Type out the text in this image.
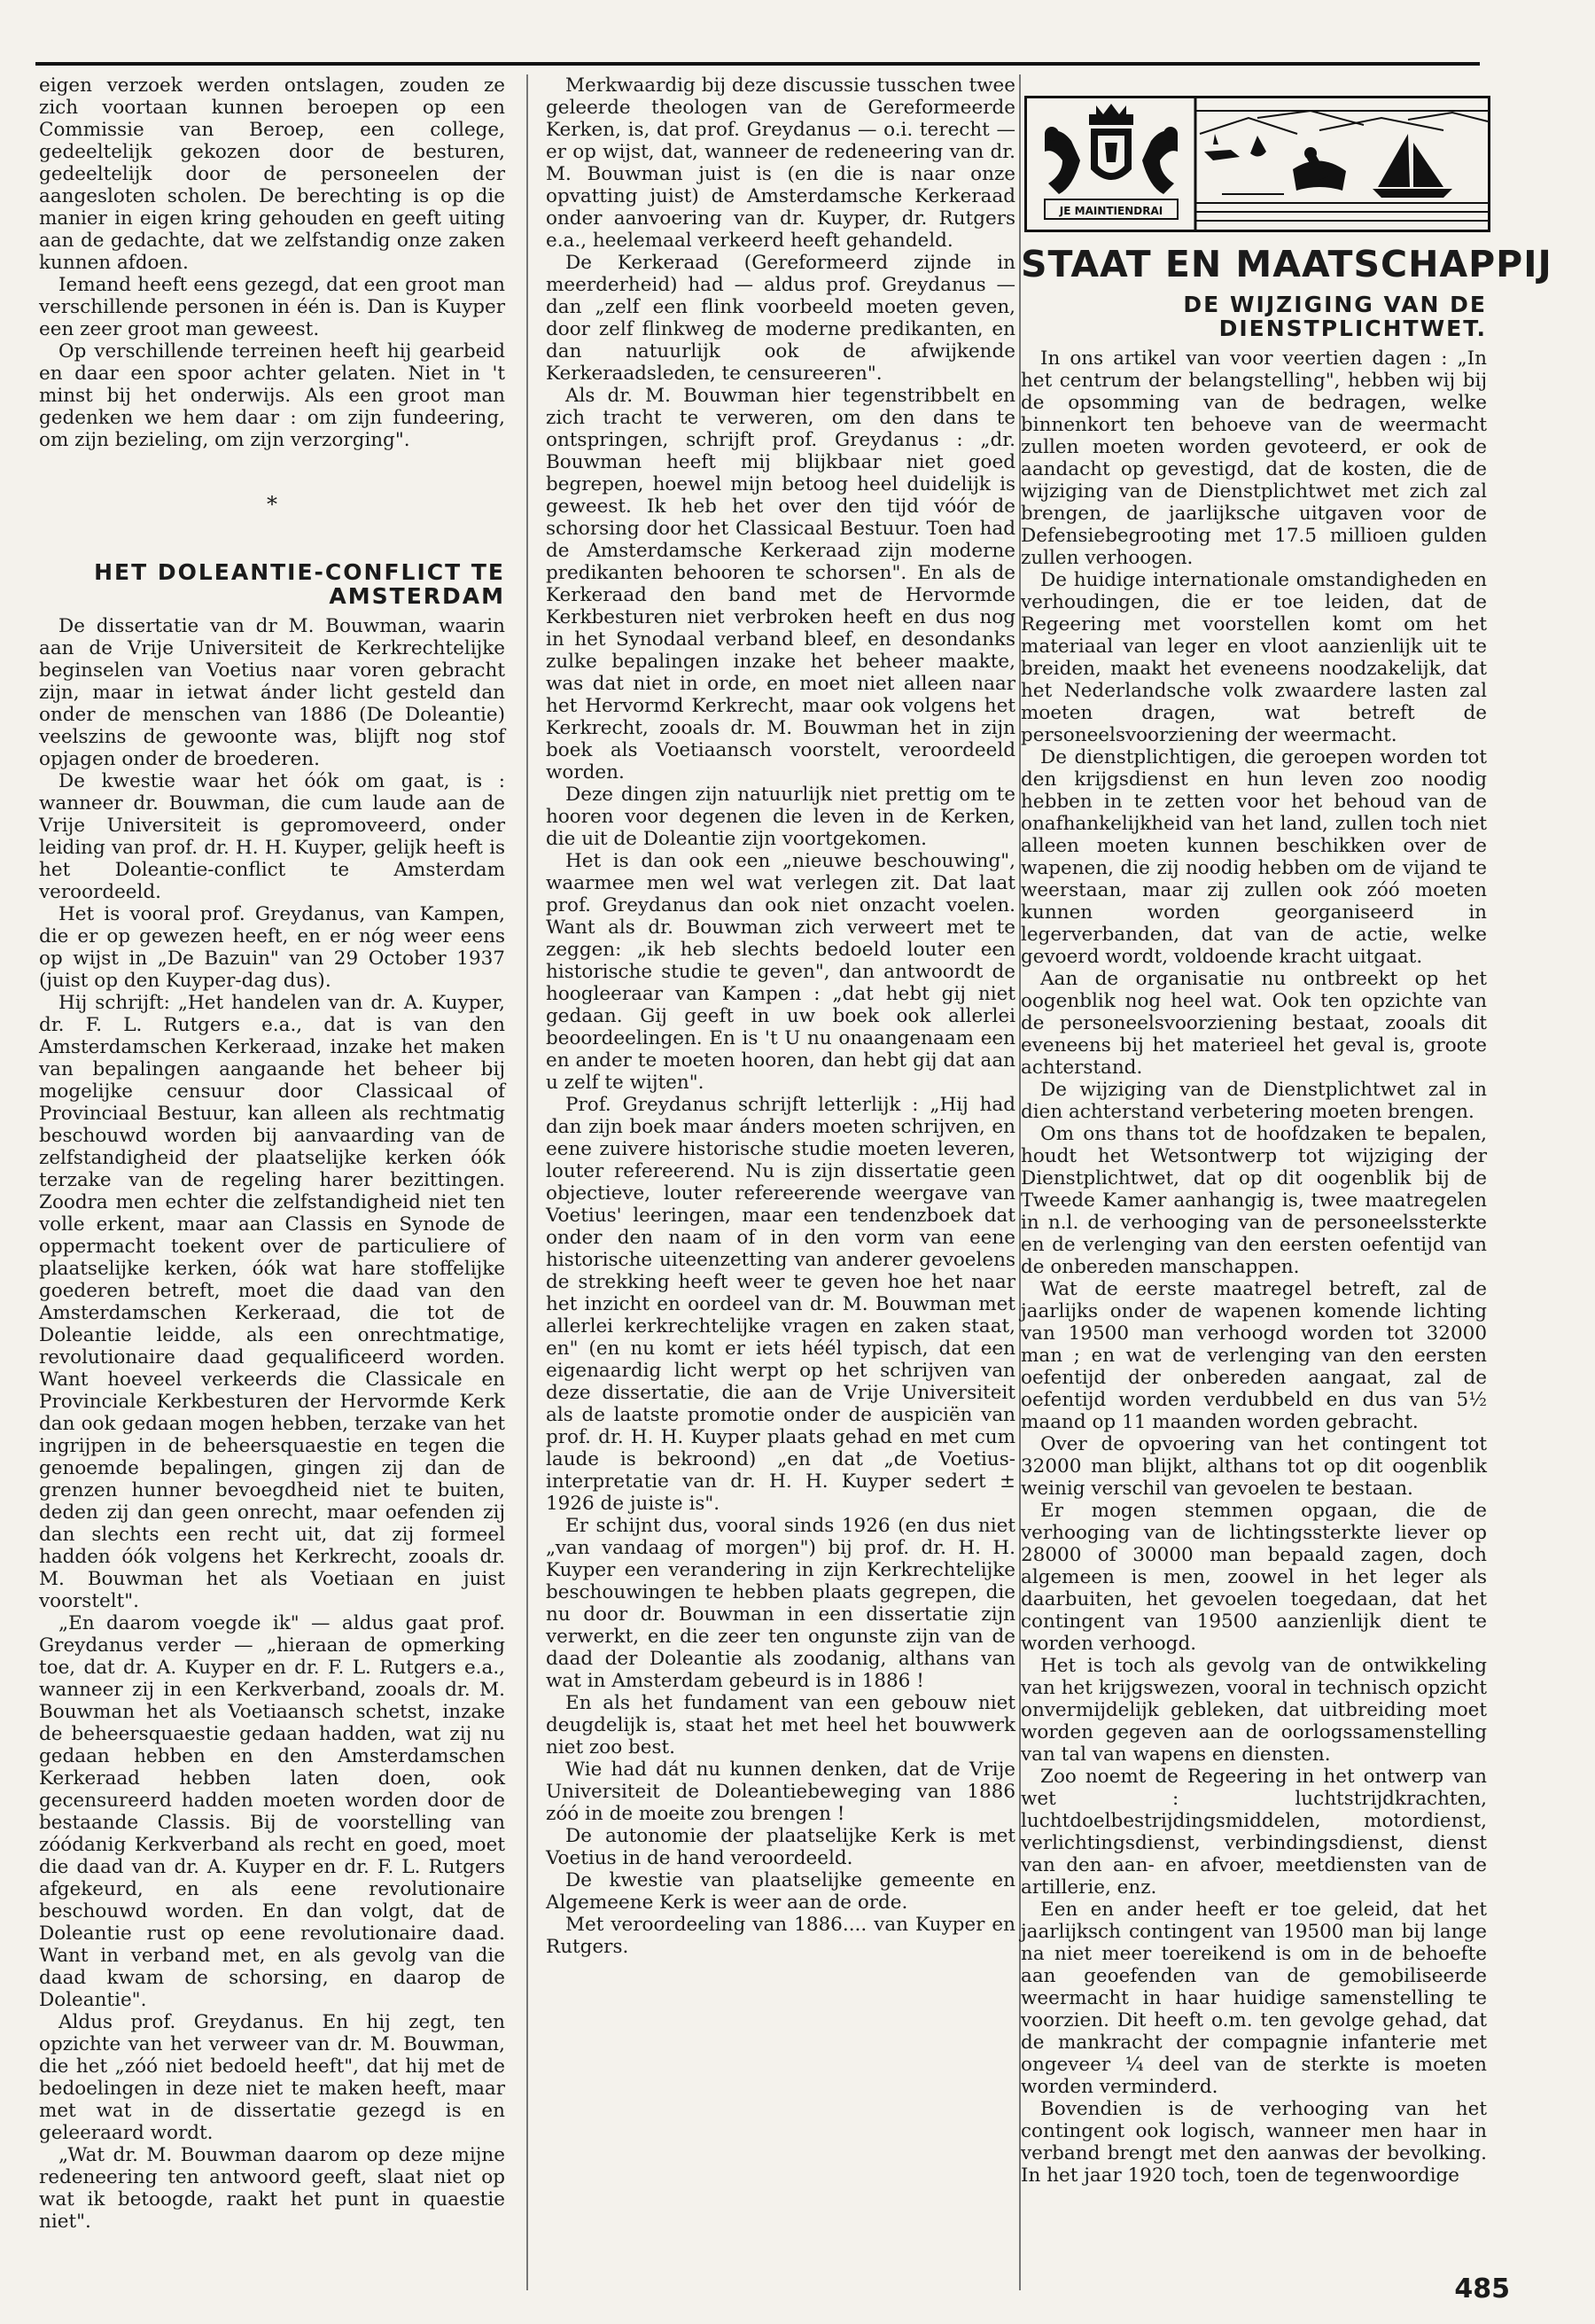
eigen verzoek werden ontslagen, zouden ze zich voortaan kunnen beroepen op een Commissie van Beroep, een college, gedeeltelijk gekozen door de besturen, gedeeltelijk door de personeelen der aangesloten scholen. De berechting is op die manier in eigen kring gehouden en geeft uiting aan de gedachte, dat we zelfstandig onze zaken kunnen afdoen.

Iemand heeft eens gezegd, dat een groot man verschillende personen in één is. Dan is Kuyper een zeer groot man geweest.

Op verschillende terreinen heeft hij gearbeid en daar een spoor achter gelaten. Niet in 't minst bij het onderwijs. Als een groot man gedenken we hem daar : om zijn fundeering, om zijn bezieling, om zijn verzorging".

*
HET DOLEANTIE-CONFLICT TE AMSTERDAM

De dissertatie van dr M. Bouwman, waarin aan de Vrije Universiteit de Kerkrechtelijke beginselen van Voetius naar voren gebracht zijn, maar in ietwat ánder licht gesteld dan onder de menschen van 1886 (De Doleantie) veelszins de gewoonte was, blijft nog stof opjagen onder de broederen.

De kwestie waar het óók om gaat, is : wanneer dr. Bouwman, die cum laude aan de Vrije Universiteit is gepromoveerd, onder leiding van prof. dr. H. H. Kuyper, gelijk heeft is het Doleantie-conflict te Amsterdam veroordeeld.

Het is vooral prof. Greydanus, van Kampen, die er op gewezen heeft, en er nóg weer eens op wijst in „De Bazuin" van 29 October 1937 (juist op den Kuyper-dag dus).

Hij schrijft: „Het handelen van dr. A. Kuyper, dr. F. L. Rutgers e.a., dat is van den Amsterdamschen Kerkeraad, inzake het maken van bepalingen aangaande het beheer bij mogelijke censuur door Classicaal of Provinciaal Bestuur, kan alleen als rechtmatig beschouwd worden bij aanvaarding van de zelfstandigheid der plaatselijke kerken óók terzake van de regeling harer bezittingen. Zoodra men echter die zelfstandigheid niet ten volle erkent, maar aan Classis en Synode de oppermacht toekent over de particuliere of plaatselijke kerken, óók wat hare stoffelijke goederen betreft, moet die daad van den Amsterdamschen Kerkeraad, die tot de Doleantie leidde, als een onrechtmatige, revolutionaire daad gequalificeerd worden. Want hoeveel verkeerds die Classicale en Provinciale Kerkbesturen der Hervormde Kerk dan ook gedaan mogen hebben, terzake van het ingrijpen in de beheersquaestie en tegen die genoemde bepalingen, gingen zij dan de grenzen hunner bevoegdheid niet te buiten, deden zij dan geen onrecht, maar oefenden zij dan slechts een recht uit, dat zij formeel hadden óók volgens het Kerkrecht, zooals dr. M. Bouwman het als Voetiaan en juist voorstelt".

„En daarom voegde ik" — aldus gaat prof. Greydanus verder — „hieraan de opmerking toe, dat dr. A. Kuyper en dr. F. L. Rutgers e.a., wanneer zij in een Kerkverband, zooals dr. M. Bouwman het als Voetiaansch schetst, inzake de beheersquaestie gedaan hadden, wat zij nu gedaan hebben en den Amsterdamschen Kerkeraad hebben laten doen, ook gecensureerd hadden moeten worden door de bestaande Classis. Bij de voorstelling van zóódanig Kerkverband als recht en goed, moet die daad van dr. A. Kuyper en dr. F. L. Rutgers afgekeurd, en als eene revolutionaire beschouwd worden. En dan volgt, dat de Doleantie rust op eene revolutionaire daad. Want in verband met, en als gevolg van die daad kwam de schorsing, en daarop de Doleantie".

Aldus prof. Greydanus. En hij zegt, ten opzichte van het verweer van dr. M. Bouwman, die het „zóó niet bedoeld heeft", dat hij met de bedoelingen in deze niet te maken heeft, maar met wat in de dissertatie gezegd is en geleeraard wordt.

„Wat dr. M. Bouwman daarom op deze mijne redeneering ten antwoord geeft, slaat niet op wat ik betoogde, raakt het punt in quaestie niet".

Merkwaardig bij deze discussie tusschen twee geleerde theologen van de Gereformeerde Kerken, is, dat prof. Greydanus — o.i. terecht — er op wijst, dat, wanneer de redeneering van dr. M. Bouwman juist is (en die is naar onze opvatting juist) de Amsterdamsche Kerkeraad onder aanvoering van dr. Kuyper, dr. Rutgers e.a., heelemaal verkeerd heeft gehandeld.

De Kerkeraad (Gereformeerd zijnde in meerderheid) had — aldus prof. Greydanus — dan „zelf een flink voorbeeld moeten geven, door zelf flinkweg de moderne predikanten, en dan natuurlijk ook de afwijkende Kerkeraadsleden, te censureeren".

Als dr. M. Bouwman hier tegenstribbelt en zich tracht te verweren, om den dans te ontspringen, schrijft prof. Greydanus : „dr. Bouwman heeft mij blijkbaar niet goed begrepen, hoewel mijn betoog heel duidelijk is geweest. Ik heb het over den tijd vóór de schorsing door het Classicaal Bestuur. Toen had de Amsterdamsche Kerkeraad zijn moderne predikanten behooren te schorsen". En als de Kerkeraad den band met de Hervormde Kerkbesturen niet verbroken heeft en dus nog in het Synodaal verband bleef, en desondanks zulke bepalingen inzake het beheer maakte, was dat niet in orde, en moet niet alleen naar het Hervormd Kerkrecht, maar ook volgens het Kerkrecht, zooals dr. M. Bouwman het in zijn boek als Voetiaansch voorstelt, veroordeeld worden.

Deze dingen zijn natuurlijk niet prettig om te hooren voor degenen die leven in de Kerken, die uit de Doleantie zijn voortgekomen.

Het is dan ook een „nieuwe beschouwing", waarmee men wel wat verlegen zit. Dat laat prof. Greydanus dan ook niet onzacht voelen. Want als dr. Bouwman zich verweert met te zeggen: „ik heb slechts bedoeld louter een historische studie te geven", dan antwoordt de hoogleeraar van Kampen : „dat hebt gij niet gedaan. Gij geeft in uw boek ook allerlei beoordeelingen. En is 't U nu onaangenaam een en ander te moeten hooren, dan hebt gij dat aan u zelf te wijten".

Prof. Greydanus schrijft letterlijk : „Hij had dan zijn boek maar ánders moeten schrijven, en eene zuivere historische studie moeten leveren, louter refereerend. Nu is zijn dissertatie geen objectieve, louter refereerende weergave van Voetius' leeringen, maar een tendenzboek dat onder den naam of in den vorm van eene historische uiteenzetting van anderer gevoelens de strekking heeft weer te geven hoe het naar het inzicht en oordeel van dr. M. Bouwman met allerlei kerkrechtelijke vragen en zaken staat, en" (en nu komt er iets héél typisch, dat een eigenaardig licht werpt op het schrijven van deze dissertatie, die aan de Vrije Universiteit als de laatste promotie onder de auspiciën van prof. dr. H. H. Kuyper plaats gehad en met cum laude is bekroond) „en dat „de Voetius-interpretatie van dr. H. H. Kuyper sedert ± 1926 de juiste is".

Er schijnt dus, vooral sinds 1926 (en dus niet „van vandaag of morgen") bij prof. dr. H. H. Kuyper een verandering in zijn Kerkrechtelijke beschouwingen te hebben plaats gegrepen, die nu door dr. Bouwman in een dissertatie zijn verwerkt, en die zeer ten ongunste zijn van de daad der Doleantie als zoodanig, althans van wat in Amsterdam gebeurd is in 1886 !

En als het fundament van een gebouw niet deugdelijk is, staat het met heel het bouwwerk niet zoo best.

Wie had dát nu kunnen denken, dat de Vrije Universiteit de Doleantiebeweging van 1886 zóó in de moeite zou brengen !

De autonomie der plaatselijke Kerk is met Voetius in de hand veroordeeld.

De kwestie van plaatselijke gemeente en Algemeene Kerk is weer aan de orde.

Met veroordeeling van 1886.... van Kuyper en Rutgers.

JE MAINTIENDRAI
STAAT EN MAATSCHAPPIJ
DE WIJZIGING VAN DE DIENSTPLICHTWET.

In ons artikel van voor veertien dagen : „In het centrum der belangstelling", hebben wij bij de opsomming van de bedragen, welke binnenkort ten behoeve van de weermacht zullen moeten worden gevoteerd, er ook de aandacht op gevestigd, dat de kosten, die de wijziging van de Dienstplichtwet met zich zal brengen, de jaarlijksche uitgaven voor de Defensiebegrooting met 17.5 millioen gulden zullen verhoogen.

De huidige internationale omstandigheden en verhoudingen, die er toe leiden, dat de Regeering met voorstellen komt om het materiaal van leger en vloot aanzienlijk uit te breiden, maakt het eveneens noodzakelijk, dat het Nederlandsche volk zwaardere lasten zal moeten dragen, wat betreft de personeelsvoorziening der weermacht.

De dienstplichtigen, die geroepen worden tot den krijgsdienst en hun leven zoo noodig hebben in te zetten voor het behoud van de onafhankelijkheid van het land, zullen toch niet alleen moeten kunnen beschikken over de wapenen, die zij noodig hebben om de vijand te weerstaan, maar zij zullen ook zóó moeten kunnen worden georganiseerd in legerverbanden, dat van de actie, welke gevoerd wordt, voldoende kracht uitgaat.

Aan de organisatie nu ontbreekt op het oogenblik nog heel wat. Ook ten opzichte van de personeelsvoorziening bestaat, zooals dit eveneens bij het materieel het geval is, groote achterstand.

De wijziging van de Dienstplichtwet zal in dien achterstand verbetering moeten brengen.

Om ons thans tot de hoofdzaken te bepalen, houdt het Wetsontwerp tot wijziging der Dienstplichtwet, dat op dit oogenblik bij de Tweede Kamer aanhangig is, twee maatregelen in n.l. de verhooging van de personeelssterkte en de verlenging van den eersten oefentijd van de onbereden manschappen.

Wat de eerste maatregel betreft, zal de jaarlijks onder de wapenen komende lichting van 19500 man verhoogd worden tot 32000 man ; en wat de verlenging van den eersten oefentijd der onbereden aangaat, zal de oefentijd worden verdubbeld en dus van 5½ maand op 11 maanden worden gebracht.

Over de opvoering van het contingent tot 32000 man blijkt, althans tot op dit oogenblik weinig verschil van gevoelen te bestaan.

Er mogen stemmen opgaan, die de verhooging van de lichtingssterkte liever op 28000 of 30000 man bepaald zagen, doch algemeen is men, zoowel in het leger als daarbuiten, het gevoelen toegedaan, dat het contingent van 19500 aanzienlijk dient te worden verhoogd.

Het is toch als gevolg van de ontwikkeling van het krijgswezen, vooral in technisch opzicht onvermijdelijk gebleken, dat uitbreiding moet worden gegeven aan de oorlogssamenstelling van tal van wapens en diensten.

Zoo noemt de Regeering in het ontwerp van wet : luchtstrijdkrachten, luchtdoelbestrijdingsmiddelen, motordienst, verlichtingsdienst, verbindingsdienst, dienst van den aan- en afvoer, meetdiensten van de artillerie, enz.

Een en ander heeft er toe geleid, dat het jaarlijksch contingent van 19500 man bij lange na niet meer toereikend is om in de behoefte aan geoefenden van de gemobiliseerde weermacht in haar huidige samenstelling te voorzien. Dit heeft o.m. ten gevolge gehad, dat de mankracht der compagnie infanterie met ongeveer ¼ deel van de sterkte is moeten worden verminderd.

Bovendien is de verhooging van het contingent ook logisch, wanneer men haar in verband brengt met den aanwas der bevolking. In het jaar 1920 toch, toen de tegenwoordige

485
